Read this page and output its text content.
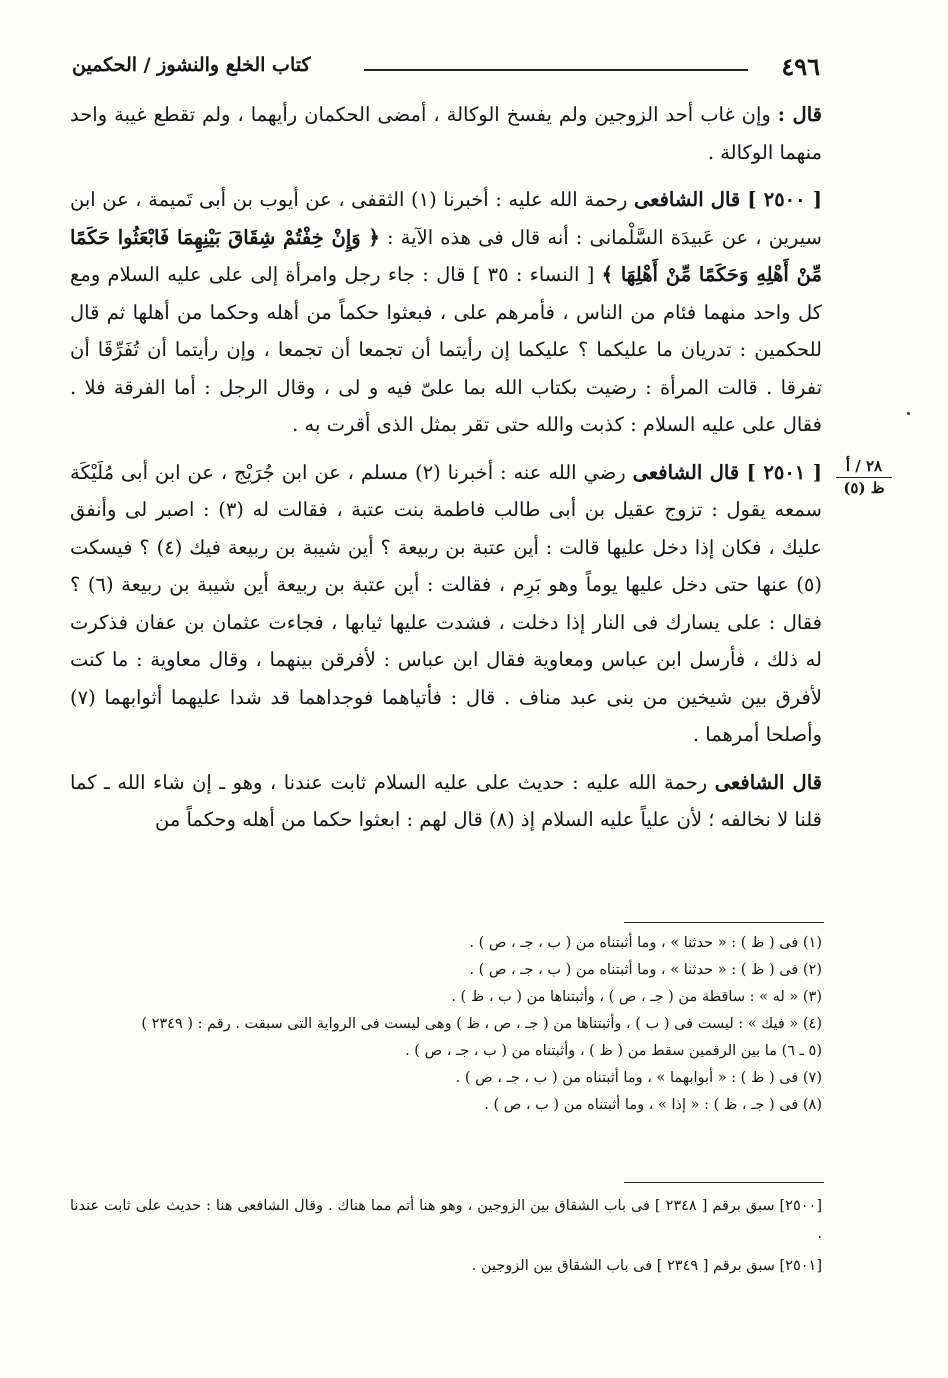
٤٩٦
كتاب الخلع والنشوز / الحكمين
٢٨ / أ
ظ (٥)

قال : وإن غاب أحد الزوجين ولم يفسخ الوكالة ، أمضى الحكمان رأيهما ، ولم تقطع غيبة واحد منهما الوكالة .

[ ٢٥٠٠ ] قال الشافعى رحمة الله عليه : أخبرنا (١) الثقفى ، عن أيوب بن أبى تَميمة ، عن ابن سيرين ، عن عَبيدَة السَّلْمانى : أنه قال فى هذه الآية : ﴿ وَإِنْ خِفْتُمْ شِقَاقَ بَيْنِهِمَا فَابْعَثُوا حَكَمًا مِّنْ أَهْلِهِ وَحَكَمًا مِّنْ أَهْلِهَا ﴾ [ النساء : ٣٥ ] قال : جاء رجل وامرأة إلى على عليه السلام ومع كل واحد منهما فئام من الناس ، فأمرهم على ، فبعثوا حكماً من أهله وحكما من أهلها ثم قال للحكمين : تدريان ما عليكما ؟ عليكما إن رأيتما أن تجمعا أن تجمعا ، وإن رأيتما أن تُفَرِّقَا أن تفرقا . قالت المرأة : رضيت بكتاب الله بما علىّ فيه و لى ، وقال الرجل : أما الفرقة فلا . فقال على عليه السلام : كذبت والله حتى تقر بمثل الذى أقرت به .

[ ٢٥٠١ ] قال الشافعى رضي الله عنه : أخبرنا (٢) مسلم ، عن ابن جُرَيْج ، عن ابن أبى مُلَيْكَة سمعه يقول : تزوج عقيل بن أبى طالب فاطمة بنت عتبة ، فقالت له (٣) : اصبر لى وأنفق عليك ، فكان إذا دخل عليها قالت : أين عتبة بن ربيعة ؟ أين شيبة بن ربيعة فيك (٤) ؟ فيسكت (٥) عنها حتى دخل عليها يوماً وهو بَرِم ، فقالت : أين عتبة بن ربيعة أين شيبة بن ربيعة (٦) ؟ فقال : على يسارك فى النار إذا دخلت ، فشدت عليها ثيابها ، فجاءت عثمان بن عفان فذكرت له ذلك ، فأرسل ابن عباس ومعاوية فقال ابن عباس : لأفرقن بينهما ، وقال معاوية : ما كنت لأفرق بين شيخين من بنى عبد مناف . قال : فأتياهما فوجداهما قد شدا عليهما أثوابهما (٧) وأصلحا أمرهما .

قال الشافعى رحمة الله عليه : حديث على عليه السلام ثابت عندنا ، وهو ـ إن شاء الله ـ كما قلنا لا نخالفه ؛ لأن علياً عليه السلام إذ (٨) قال لهم : ابعثوا حكما من أهله وحكماً من

(١) فى ( ظ ) : « حدثنا » ، وما أثبتناه من ( ب ، جـ ، ص ) .
(٢) فى ( ظ ) : « حدثنا » ، وما أثبتناه من ( ب ، جـ ، ص ) .
(٣) « له » : ساقطة من ( جـ ، ص ) ، وأثبتناها من ( ب ، ظ ) .
(٤) « فيك » : ليست فى ( ب ) ، وأثبتناها من ( جـ ، ص ، ظ ) وهى ليست فى الرواية التى سبقت . رقم : ( ٢٣٤٩ )
(٥ ـ ٦) ما بين الرقمين سقط من ( ظ ) ، وأثبتناه من ( ب ، جـ ، ص ) .
(٧) فى ( ظ ) : « أبوابهما » ، وما أثبتناه من ( ب ، جـ ، ص ) .
(٨) فى ( جـ ، ظ ) : « إذا » ، وما أثبتناه من ( ب ، ص ) .
[٢٥٠٠] سبق برقم [ ٢٣٤٨ ] فى باب الشقاق بين الزوجين ، وهو هنا أتم مما هناك . وقال الشافعى هنا : حديث على ثابت عندنا .
[٢٥٠١] سبق برقم [ ٢٣٤٩ ] فى باب الشقاق بين الزوجين .
